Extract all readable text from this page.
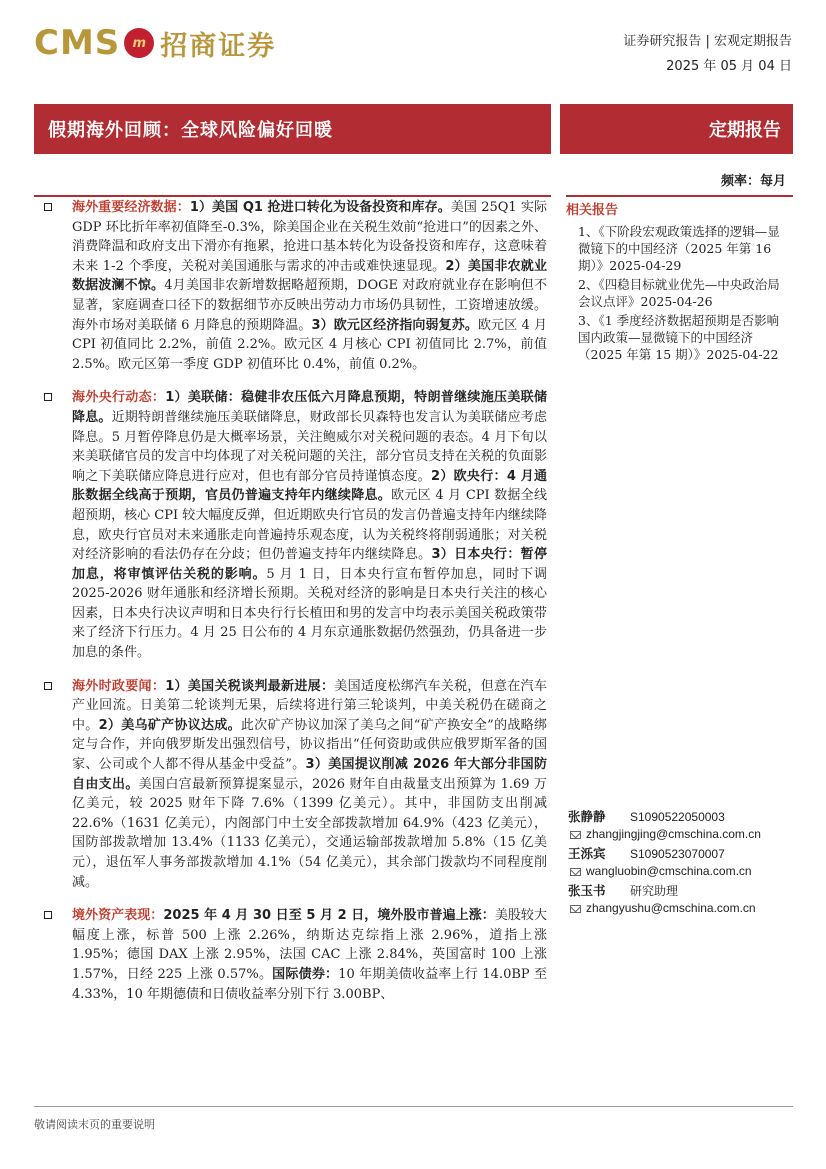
CMS m 招商证券	证券研究报告 | 宏观定期报告
2025 年 05 月 04 日
假期海外回顾：全球风险偏好回暖	定期报告
频率：每月
海外重要经济数据：1）美国 Q1 抢进口转化为设备投资和库存。美国 25Q1 实际 GDP 环比折年率初值降至-0.3%，除美国企业在关税生效前“抢进口”的因素之外、消费降温和政府支出下滑亦有拖累，抢进口基本转化为设备投资和库存，这意味着未来 1-2 个季度，关税对美国通胀与需求的冲击或难快速显现。2）美国非农就业数据波澜不惊。4月美国非农新增数据略超预期，DOGE 对政府就业存在影响但不显著，家庭调查口径下的数据细节亦反映出劳动力市场仍具韧性，工资增速放缓。海外市场对美联储 6 月降息的预期降温。3）欧元区经济指向弱复苏。欧元区 4 月 CPI 初值同比 2.2%，前值 2.2%。欧元区 4 月核心 CPI 初值同比 2.7%，前值 2.5%。欧元区第一季度 GDP 初值环比 0.4%，前值 0.2%。
海外央行动态：1）美联储：稳健非农压低六月降息预期，特朗普继续施压美联储降息。近期特朗普继续施压美联储降息，财政部长贝森特也发言认为美联储应考虑降息。5 月暂停降息仍是大概率场景，关注鲍威尔对关税问题的表态。4 月下旬以来美联储官员的发言中均体现了对关税问题的关注，部分官员支持在关税的负面影响之下美联储应降息进行应对，但也有部分官员持谨慎态度。2）欧央行：4 月通胀数据全线高于预期，官员仍普遍支持年内继续降息。欧元区 4 月 CPI 数据全线超预期，核心 CPI 较大幅度反弹，但近期欧央行官员的发言仍普遍支持年内继续降息，欧央行官员对未来通胀走向普遍持乐观态度，认为关税终将削弱通胀；对关税对经济影响的看法仍存在分歧；但仍普遍支持年内继续降息。3）日本央行：暂停加息，将审慎评估关税的影响。5 月 1 日，日本央行宣布暂停加息，同时下调 2025-2026 财年通胀和经济增长预期。关税对经济的影响是日本央行关注的核心因素，日本央行决议声明和日本央行行长植田和男的发言中均表示美国关税政策带来了经济下行压力。4 月 25 日公布的 4 月东京通胀数据仍然强劲，仍具备进一步加息的条件。
海外时政要闻：1）美国关税谈判最新进展：美国适度松绑汽车关税，但意在汽车产业回流。日美第二轮谈判无果，后续将进行第三轮谈判，中美关税仍在磋商之中。2）美乌矿产协议达成。此次矿产协议加深了美乌之间“矿产换安全”的战略绑定与合作，并向俄罗斯发出强烈信号，协议指出“任何资助或供应俄罗斯军备的国家、公司或个人都不得从基金中受益”。3）美国提议削减 2026 年大部分非国防自由支出。美国白宫最新预算提案显示，2026 财年自由裁量支出预算为 1.69 万亿美元，较 2025 财年下降 7.6%（1399 亿美元）。其中，非国防支出削减 22.6%（1631 亿美元），内阁部门中土安全部拨款增加 64.9%（423 亿美元），国防部拨款增加 13.4%（1133 亿美元），交通运输部拨款增加 5.8%（15 亿美元），退伍军人事务部拨款增加 4.1%（54 亿美元），其余部门拨款均不同程度削减。
境外资产表现：2025 年 4 月 30 日至 5 月 2 日，境外股市普遍上涨：美股较大幅度上涨，标普 500 上涨 2.26%，纳斯达克综指上涨 2.96%，道指上涨 1.95%；德国 DAX 上涨 2.95%，法国 CAC 上涨 2.84%，英国富时 100 上涨 1.57%，日经 225 上涨 0.57%。国际债券：10 年期美债收益率上行 14.0BP 至 4.33%，10 年期德债和日债收益率分别下行 3.00BP、
相关报告
1、《下阶段宏观政策选择的逻辑—显微镜下的中国经济（2025 年第 16 期）》2025-04-29
2、《四稳目标就业优先—中央政治局会议点评》2025-04-26
3、《1 季度经济数据超预期是否影响国内政策—显微镜下的中国经济（2025 年第 15 期）》2025-04-22
张静静	S1090522050003
zhangjingjing@cmschina.com.cn
王泺宾	S1090523070007
wangluobin@cmschina.com.cn
张玉书	研究助理
zhangyushu@cmschina.com.cn
敬请阅读末页的重要说明
